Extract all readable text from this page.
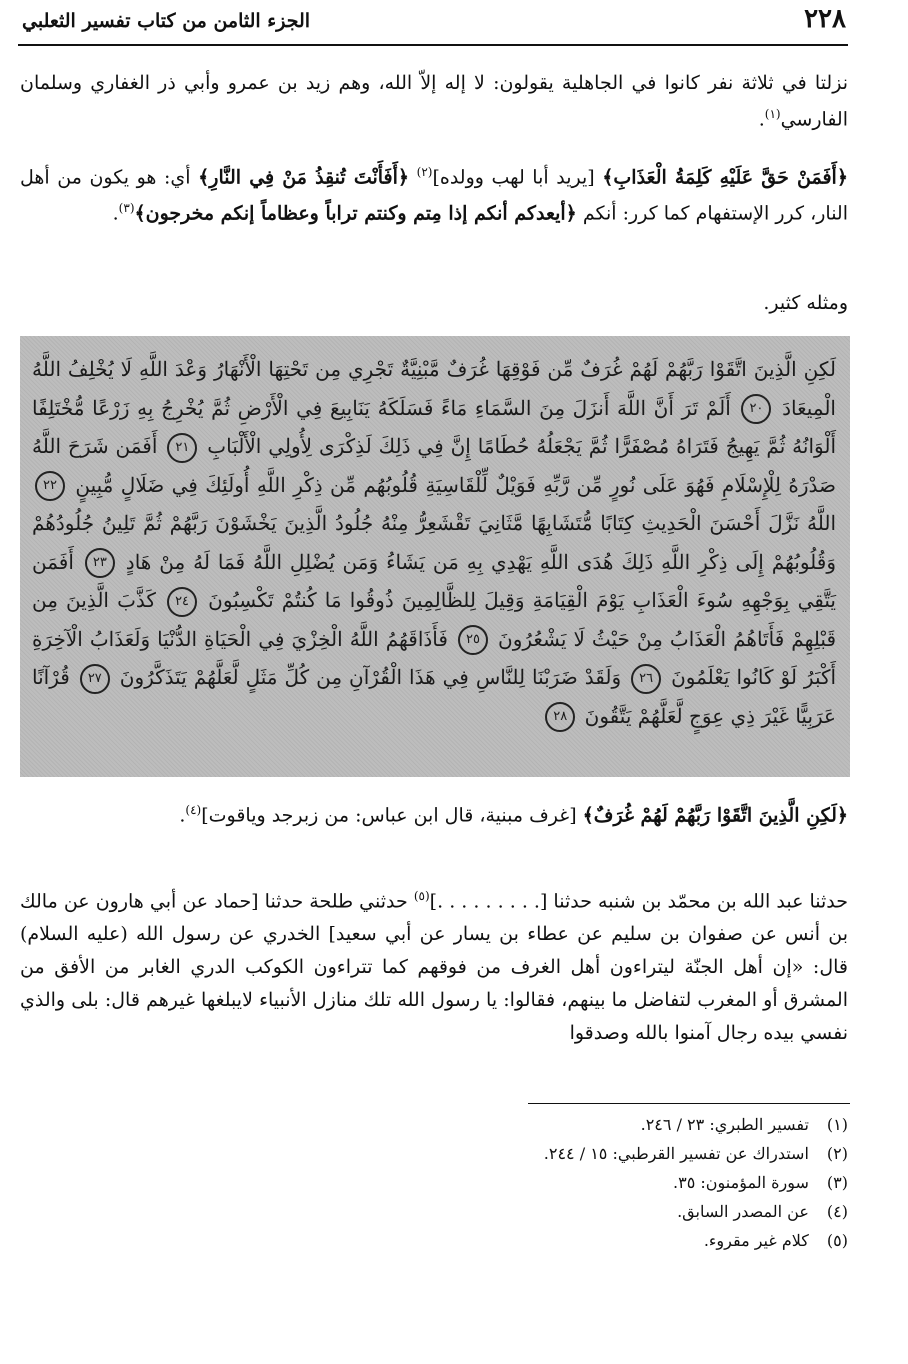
٢٢٨
الجزء الثامن من كتاب تفسير الثعلبي
نزلتا في ثلاثة نفر كانوا في الجاهلية يقولون: لا إله إلاّ الله، وهم زيد بن عمرو وأبي ذر الغفاري وسلمان الفارسي$^{(١)}$.
﴿أَفَمَنْ حَقَّ عَلَيْهِ كَلِمَةُ الْعَذَابِ﴾ [يريد أبا لهب وولده]$^{(٢)}$ ﴿أَفَأَنْتَ تُنقِذُ مَنْ فِي النَّارِ﴾ أي: هو يكون من أهل النار، كرر الإستفهام كما كرر: أنكم ﴿أيعدكم أنكم إذا مِتم وكنتم تراباً وعظاماً إنكم مخرجون﴾$^{(٣)}$.
ومثله كثير.
لَكِنِ الَّذِينَ اتَّقَوْا رَبَّهُمْ لَهُمْ غُرَفٌ مِّن فَوْقِهَا غُرَفٌ مَّبْنِيَّةٌ تَجْرِي مِن تَحْتِهَا الْأَنْهَارُ وَعْدَ اللَّهِ لَا يُخْلِفُ اللَّهُ الْمِيعَادَ ٢٠ أَلَمْ تَرَ أَنَّ اللَّهَ أَنزَلَ مِنَ السَّمَاءِ مَاءً فَسَلَكَهُ يَنَابِيعَ فِي الْأَرْضِ ثُمَّ يُخْرِجُ بِهِ زَرْعًا مُّخْتَلِفًا أَلْوَانُهُ ثُمَّ يَهِيجُ فَتَرَاهُ مُصْفَرًّا ثُمَّ يَجْعَلُهُ حُطَامًا إِنَّ فِي ذَلِكَ لَذِكْرَى لِأُولِي الْأَلْبَابِ ٢١ أَفَمَن شَرَحَ اللَّهُ صَدْرَهُ لِلْإِسْلَامِ فَهُوَ عَلَى نُورٍ مِّن رَّبِّهِ فَوَيْلٌ لِّلْقَاسِيَةِ قُلُوبُهُم مِّن ذِكْرِ اللَّهِ أُولَئِكَ فِي ضَلَالٍ مُّبِينٍ ٢٢ اللَّهُ نَزَّلَ أَحْسَنَ الْحَدِيثِ كِتَابًا مُّتَشَابِهًا مَّثَانِيَ تَقْشَعِرُّ مِنْهُ جُلُودُ الَّذِينَ يَخْشَوْنَ رَبَّهُمْ ثُمَّ تَلِينُ جُلُودُهُمْ وَقُلُوبُهُمْ إِلَى ذِكْرِ اللَّهِ ذَلِكَ هُدَى اللَّهِ يَهْدِي بِهِ مَن يَشَاءُ وَمَن يُضْلِلِ اللَّهُ فَمَا لَهُ مِنْ هَادٍ ٢٣ أَفَمَن يَتَّقِي بِوَجْهِهِ سُوءَ الْعَذَابِ يَوْمَ الْقِيَامَةِ وَقِيلَ لِلظَّالِمِينَ ذُوقُوا مَا كُنتُمْ تَكْسِبُونَ ٢٤ كَذَّبَ الَّذِينَ مِن قَبْلِهِمْ فَأَتَاهُمُ الْعَذَابُ مِنْ حَيْثُ لَا يَشْعُرُونَ ٢٥ فَأَذَاقَهُمُ اللَّهُ الْخِزْيَ فِي الْحَيَاةِ الدُّنْيَا وَلَعَذَابُ الْآخِرَةِ أَكْبَرُ لَوْ كَانُوا يَعْلَمُونَ ٢٦ وَلَقَدْ ضَرَبْنَا لِلنَّاسِ فِي هَذَا الْقُرْآنِ مِن كُلِّ مَثَلٍ لَّعَلَّهُمْ يَتَذَكَّرُونَ ٢٧ قُرْآنًا عَرَبِيًّا غَيْرَ ذِي عِوَجٍ لَّعَلَّهُمْ يَتَّقُونَ ٢٨
﴿لَكِنِ الَّذِينَ اتَّقَوْا رَبَّهُمْ لَهُمْ غُرَفٌ﴾ [غرف مبنية، قال ابن عباس: من زبرجد وياقوت]$^{(٤)}$.
حدثنا عبد الله بن محمّد بن شنبه حدثنا [. . . . . . . . .]$^{(٥)}$ حدثني طلحة حدثنا [حماد عن أبي هارون عن مالك بن أنس عن صفوان بن سليم عن عطاء بن يسار عن أبي سعيد] الخدري عن رسول الله (عليه السلام) قال: «إن أهل الجنّة ليتراءون أهل الغرف من فوقهم كما تتراءون الكوكب الدري الغابر من الأفق من المشرق أو المغرب لتفاضل ما بينهم، فقالوا: يا رسول الله تلك منازل الأنبياء لايبلغها غيرهم قال: بلى والذي نفسي بيده رجال آمنوا بالله وصدقوا
(١) تفسير الطبري: ٢٣ / ٢٤٦.
(٢) استدراك عن تفسير القرطبي: ١٥ / ٢٤٤.
(٣) سورة المؤمنون: ٣٥.
(٤) عن المصدر السابق.
(٥) كلام غير مقروء.
